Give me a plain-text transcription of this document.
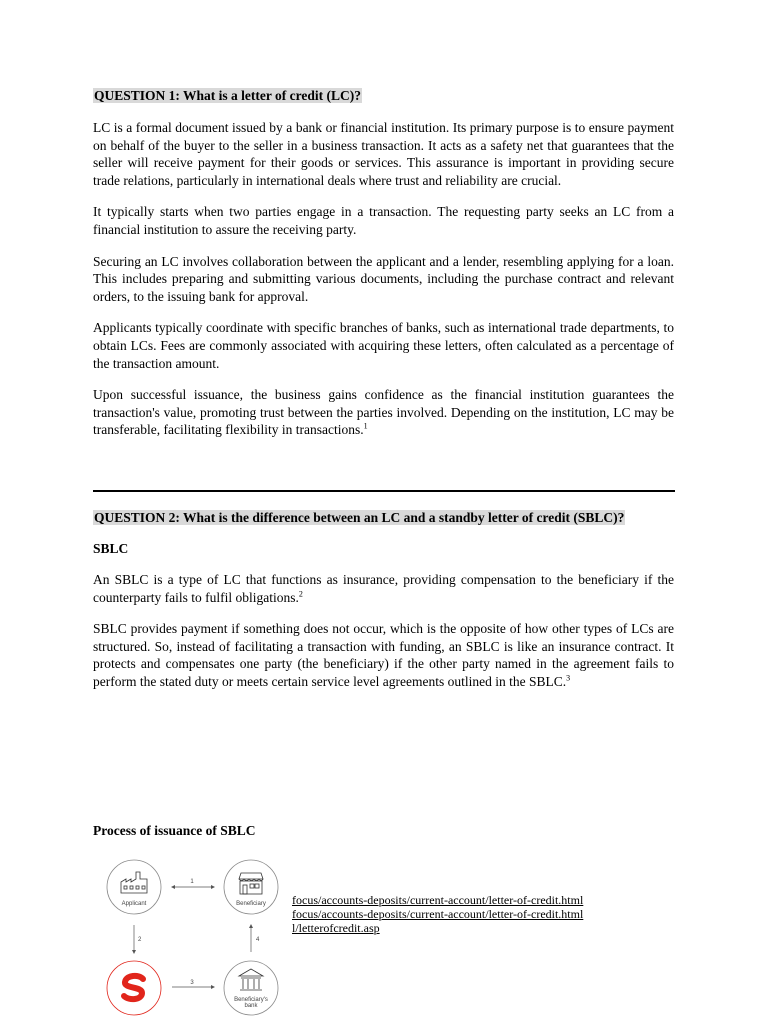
QUESTION 1: What is a letter of credit (LC)?

LC is a formal document issued by a bank or financial institution. Its primary purpose is to ensure payment on behalf of the buyer to the seller in a business transaction. It acts as a safety net that guarantees that the seller will receive payment for their goods or services. This assurance is important in providing secure trade relations, particularly in international deals where trust and reliability are crucial.

It typically starts when two parties engage in a transaction. The requesting party seeks an LC from a financial institution to assure the receiving party.

Securing an LC involves collaboration between the applicant and a lender, resembling applying for a loan. This includes preparing and submitting various documents, including the purchase contract and relevant orders, to the issuing bank for approval.

Applicants typically coordinate with specific branches of banks, such as international trade departments, to obtain LCs. Fees are commonly associated with acquiring these letters, often calculated as a percentage of the transaction amount.

Upon successful issuance, the business gains confidence as the financial institution guarantees the transaction's value, promoting trust between the parties involved. Depending on the institution, LC may be transferable, facilitating flexibility in transactions.$^1$

QUESTION 2: What is the difference between an LC and a standby letter of credit (SBLC)?

SBLC

An SBLC is a type of LC that functions as insurance, providing compensation to the beneficiary if the counterparty fails to fulfil obligations.$^2$

SBLC provides payment if something does not occur, which is the opposite of how other types of LCs are structured. So, instead of facilitating a transaction with funding, an SBLC is like an insurance contract. It protects and compensates one party (the beneficiary) if the other party named in the agreement fails to perform the stated duty or meets certain service level agreements outlined in the SBLC.$^3$

Process of issuance of SBLC

Applicant	Beneficiary
Beneficiary's
bank
1
2
3
4
focus/accounts-deposits/current-account/letter-of-credit.html
focus/accounts-deposits/current-account/letter-of-credit.html
l/letterofcredit.asp
